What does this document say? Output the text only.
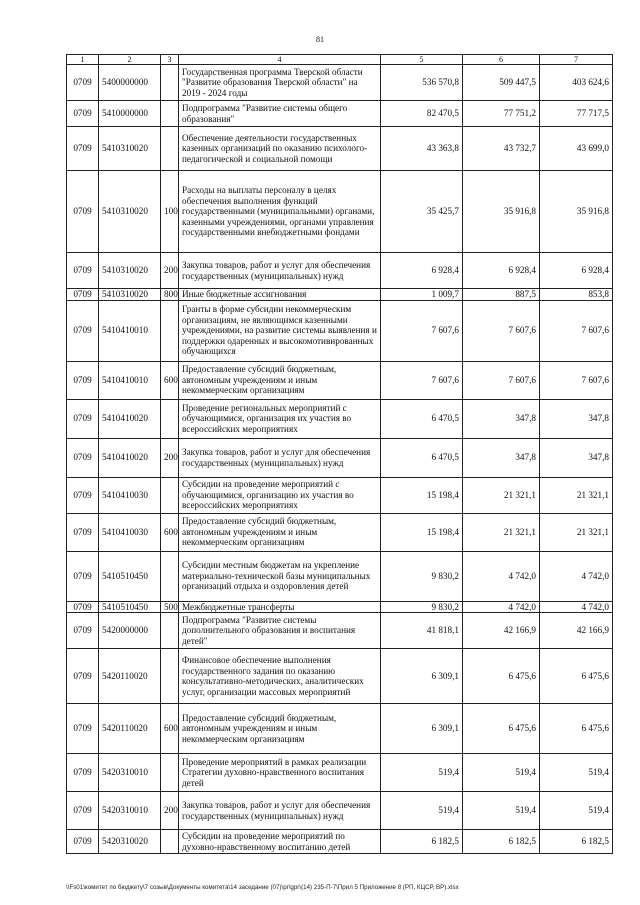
81
1	2	3	4	5	6	7
0709	5400000000		Государственная программа Тверской области "Развитие образования Тверской области" на 2019 - 2024 годы	536 570,8	509 447,5	403 624,6
0709	5410000000		Подпрограмма "Развитие системы общего образования"	82 470,5	77 751,2	77 717,5
0709	5410310020		Обеспечение деятельности государственных казенных организаций по оказанию психолого-педагогической и социальной помощи	43 363,8	43 732,7	43 699,0
0709	5410310020	100	Расходы на выплаты персоналу в целях обеспечения выполнения функций государственными (муниципальными) органами, казенными учреждениями, органами управления государственными внебюджетными фондами	35 425,7	35 916,8	35 916,8
0709	5410310020	200	Закупка товаров, работ и услуг для обеспечения государственных (муниципальных) нужд	6 928,4	6 928,4	6 928,4
0709	5410310020	800	Иные бюджетные ассигнования	1 009,7	887,5	853,8
0709	5410410010		Гранты в форме субсидии некоммерческим организациям, не являющимся казенными учреждениями, на развитие системы выявления и поддержки одаренных и высокомотивированных обучающихся	7 607,6	7 607,6	7 607,6
0709	5410410010	600	Предоставление субсидий бюджетным, автономным учреждениям и иным некоммерческим организациям	7 607,6	7 607,6	7 607,6
0709	5410410020		Проведение региональных мероприятий с обучающимися, организация их участия во всероссийских мероприятиях	6 470,5	347,8	347,8
0709	5410410020	200	Закупка товаров, работ и услуг для обеспечения государственных (муниципальных) нужд	6 470,5	347,8	347,8
0709	5410410030		Субсидии на проведение мероприятий с обучающимися, организацию их участия во всероссийских мероприятиях	15 198,4	21 321,1	21 321,1
0709	5410410030	600	Предоставление субсидий бюджетным, автономным учреждениям и иным некоммерческим организациям	15 198,4	21 321,1	21 321,1
0709	5410510450		Субсидии местным бюджетам на укрепление материально-технической базы муниципальных организаций отдыха и оздоровления детей	9 830,2	4 742,0	4 742,0
0709	5410510450	500	Межбюджетные трансферты	9 830,2	4 742,0	4 742,0
0709	5420000000		Подпрограмма "Развитие системы дополнительного образования и воспитания детей"	41 818,1	42 166,9	42 166,9
0709	5420110020		Финансовое обеспечение выполнения государственного задания по оказанию консультативно-методических, аналитических услуг, организации массовых мероприятий	6 309,1	6 475,6	6 475,6
0709	5420110020	600	Предоставление субсидий бюджетным, автономным учреждениям и иным некоммерческим организациям	6 309,1	6 475,6	6 475,6
0709	5420310010		Проведение мероприятий в рамках реализации Стратегии духовно-нравственного воспитания детей	519,4	519,4	519,4
0709	5420310010	200	Закупка товаров, работ и услуг для обеспечения государственных (муниципальных) нужд	519,4	519,4	519,4
0709	5420310020		Субсидии на проведение мероприятий по духовно-нравственному воспитанию детей	6 182,5	6 182,5	6 182,5
\\Fs01\комитет по бюджету\7 созыв\Документы комитета\14 заседание (07)\pr\gpr\(14) 235-П-7\Прил 5 Приложение 8 (РП, КЦСР, ВР).xlsx
